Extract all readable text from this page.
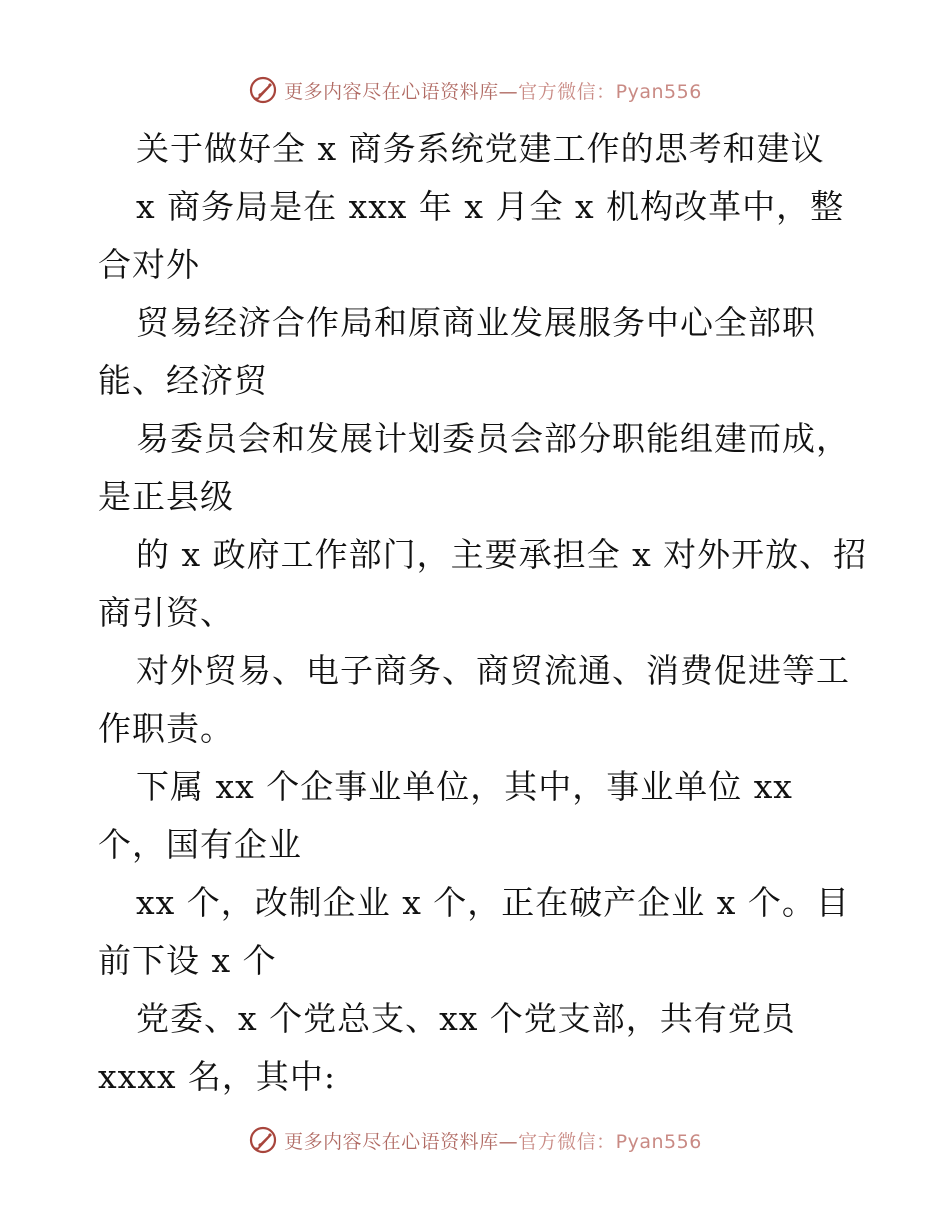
更多内容尽在心语资料库—官方微信：Pyan556
关于做好全 x 商务系统党建工作的思考和建议
x 商务局是在 xxx 年 x 月全 x 机构改革中，整
合对外
贸易经济合作局和原商业发展服务中心全部职
能、经济贸
易委员会和发展计划委员会部分职能组建而成，
是正县级
的 x 政府工作部门，主要承担全 x 对外开放、招
商引资、
对外贸易、电子商务、商贸流通、消费促进等工
作职责。
下属 xx 个企事业单位，其中，事业单位 xx
个，国有企业
xx 个，改制企业 x 个，正在破产企业 x 个。目
前下设 x 个
党委、x 个党总支、xx 个党支部，共有党员
xxxx 名，其中:
更多内容尽在心语资料库—官方微信：Pyan556
